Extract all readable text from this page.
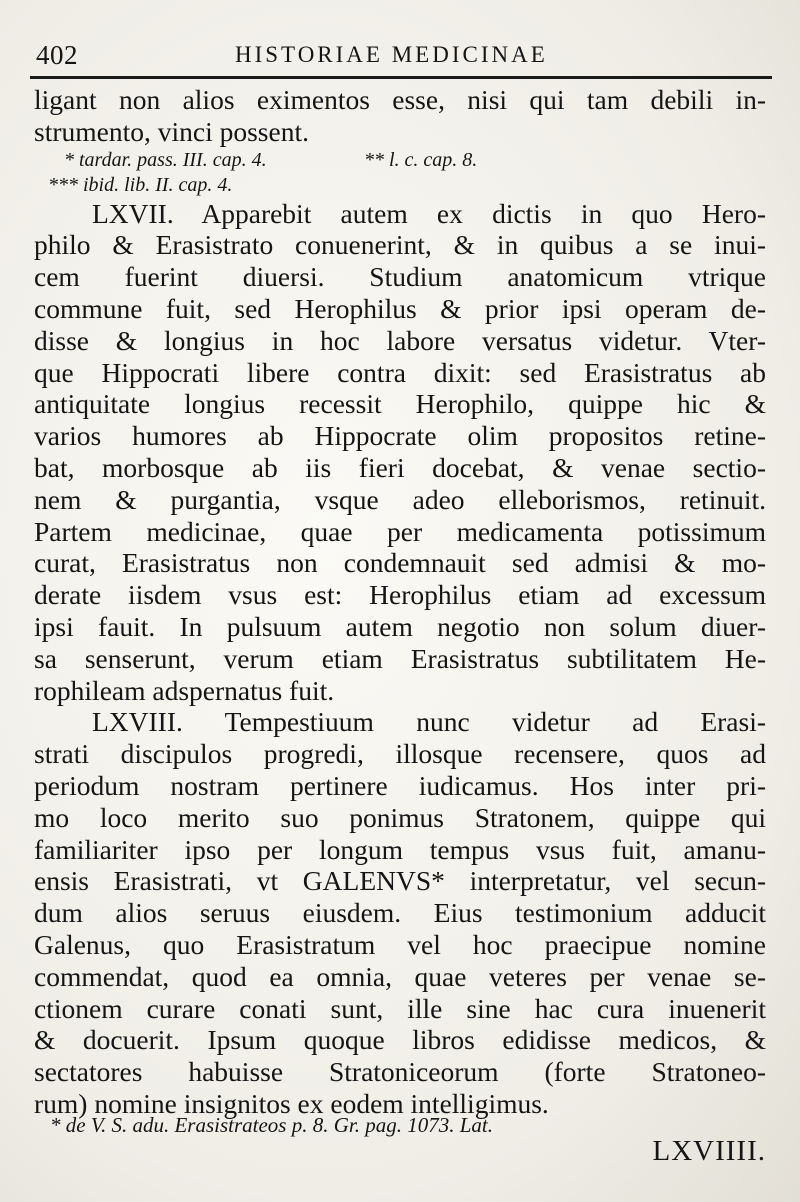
402	HISTORIAE MEDICINAE
ligant non alios eximentos esse, nisi qui tam debili in-
strumento, vinci possent.
* tardar. pass. III. cap. 4.	** l. c. cap. 8.
*** ibid. lib. II. cap. 4.
LXVII. Apparebit autem ex dictis in quo Hero-
philo & Erasistrato conuenerint, & in quibus a se inui-
cem fuerint diuersi. Studium anatomicum vtrique
commune fuit, sed Herophilus & prior ipsi operam de-
disse & longius in hoc labore versatus videtur. Vter-
que Hippocrati libere contra dixit: sed Erasistratus ab
antiquitate longius recessit Herophilo, quippe hic &
varios humores ab Hippocrate olim propositos retine-
bat, morbosque ab iis fieri docebat, & venae sectio-
nem & purgantia, vsque adeo elleborismos, retinuit.
Partem medicinae, quae per medicamenta potissimum
curat, Erasistratus non condemnauit sed admisi & mo-
derate iisdem vsus est: Herophilus etiam ad excessum
ipsi fauit. In pulsuum autem negotio non solum diuer-
sa senserunt, verum etiam Erasistratus subtilitatem He-
rophileam adspernatus fuit.
LXVIII. Tempestiuum nunc videtur ad Erasi-
strati discipulos progredi, illosque recensere, quos ad
periodum nostram pertinere iudicamus. Hos inter pri-
mo loco merito suo ponimus Stratonem, quippe qui
familiariter ipso per longum tempus vsus fuit, amanu-
ensis Erasistrati, vt GALENVS* interpretatur, vel secun-
dum alios seruus eiusdem. Eius testimonium adducit
Galenus, quo Erasistratum vel hoc praecipue nomine
commendat, quod ea omnia, quae veteres per venae se-
ctionem curare conati sunt, ille sine hac cura inuenerit
& docuerit. Ipsum quoque libros edidisse medicos, &
sectatores habuisse Stratoniceorum (forte Stratoneo-
rum) nomine insignitos ex eodem intelligimus.
* de V. S. adu. Erasistrateos p. 8. Gr. pag. 1073. Lat.
LXVIIII.
